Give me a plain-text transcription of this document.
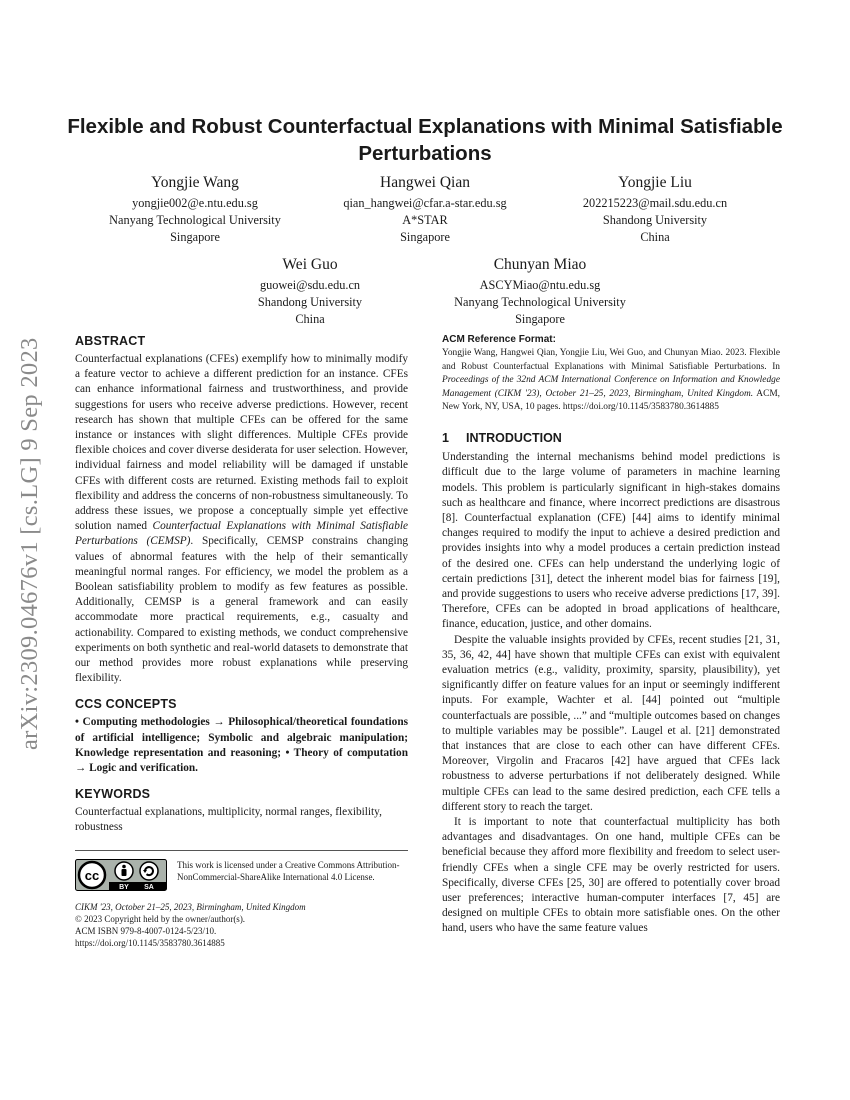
arXiv:2309.04676v1 [cs.LG] 9 Sep 2023
Flexible and Robust Counterfactual Explanations with Minimal Satisfiable Perturbations
Yongjie Wang
yongjie002@e.ntu.edu.sg
Nanyang Technological University
Singapore
Hangwei Qian
qian_hangwei@cfar.a-star.edu.sg
A*STAR
Singapore
Yongjie Liu
202215223@mail.sdu.edu.cn
Shandong University
China
Wei Guo
guowei@sdu.edu.cn
Shandong University
China
Chunyan Miao
ASCYMiao@ntu.edu.sg
Nanyang Technological University
Singapore
ABSTRACT

Counterfactual explanations (CFEs) exemplify how to minimally modify a feature vector to achieve a different prediction for an instance. CFEs can enhance informational fairness and trustworthiness, and provide suggestions for users who receive adverse predictions. However, recent research has shown that multiple CFEs can be offered for the same instance or instances with slight differences. Multiple CFEs provide flexible choices and cover diverse desiderata for user selection. However, individual fairness and model reliability will be damaged if unstable CFEs with different costs are returned. Existing methods fail to exploit flexibility and address the concerns of non-robustness simultaneously. To address these issues, we propose a conceptually simple yet effective solution named Counterfactual Explanations with Minimal Satisfiable Perturbations (CEMSP). Specifically, CEMSP constrains changing values of abnormal features with the help of their semantically meaningful normal ranges. For efficiency, we model the problem as a Boolean satisfiability problem to modify as few features as possible. Additionally, CEMSP is a general framework and can easily accommodate more practical requirements, e.g., casualty and actionability. Compared to existing methods, we conduct comprehensive experiments on both synthetic and real-world datasets to demonstrate that our method provides more robust explanations while preserving flexibility.

CCS CONCEPTS

• Computing methodologies → Philosophical/theoretical foundations of artificial intelligence; Symbolic and algebraic manipulation; Knowledge representation and reasoning; • Theory of computation → Logic and verification.

KEYWORDS

Counterfactual explanations, multiplicity, normal ranges, flexibility, robustness

cc
BY SA
This work is licensed under a Creative Commons Attribution-NonCommercial-ShareAlike International 4.0 License.
CIKM '23, October 21–25, 2023, Birmingham, United Kingdom
© 2023 Copyright held by the owner/author(s).
ACM ISBN 979-8-4007-0124-5/23/10.
https://doi.org/10.1145/3583780.3614885
ACM Reference Format:

Yongjie Wang, Hangwei Qian, Yongjie Liu, Wei Guo, and Chunyan Miao. 2023. Flexible and Robust Counterfactual Explanations with Minimal Satisfiable Perturbations. In Proceedings of the 32nd ACM International Conference on Information and Knowledge Management (CIKM '23), October 21–25, 2023, Birmingham, United Kingdom. ACM, New York, NY, USA, 10 pages. https://doi.org/10.1145/3583780.3614885

1 INTRODUCTION

Understanding the internal mechanisms behind model predictions is difficult due to the large volume of parameters in machine learning models. This problem is particularly significant in high-stakes domains such as healthcare and finance, where incorrect predictions are disastrous [8]. Counterfactual explanation (CFE) [44] aims to identify minimal changes required to modify the input to achieve a desired prediction and provides insights into why a model produces a certain prediction instead of the desired one. CFEs can help understand the underlying logic of certain predictions [31], detect the inherent model bias for fairness [19], and provide suggestions to users who receive adverse predictions [17, 39]. Therefore, CFEs can be adopted in broad applications of healthcare, finance, education, justice, and other domains.

Despite the valuable insights provided by CFEs, recent studies [21, 31, 35, 36, 42, 44] have shown that multiple CFEs can exist with equivalent evaluation metrics (e.g., validity, proximity, sparsity, plausibility), yet significantly differ on feature values for an input or seemingly indifferent inputs. For example, Wachter et al. [44] pointed out “multiple counterfactuals are possible, ...” and “multiple outcomes based on changes to multiple variables may be possible”. Laugel et al. [21] demonstrated that instances that are close to each other can have different CFEs. Moreover, Virgolin and Fracaros [42] have argued that CFEs lack robustness to adverse perturbations if not deliberately designed. While multiple CFEs can lead to the same desired prediction, each CFE tells a different story to reach the target.

It is important to note that counterfactual multiplicity has both advantages and disadvantages. On one hand, multiple CFEs can be beneficial because they afford more flexibility and freedom to select user-friendly CFEs when a single CFE may be overly restricted for users. Specifically, diverse CFEs [25, 30] are offered to potentially cover broad user preferences; interactive human-computer interfaces [7, 45] are designed on multiple CFEs to obtain more satisfiable ones. On the other hand, users who have the same feature values
